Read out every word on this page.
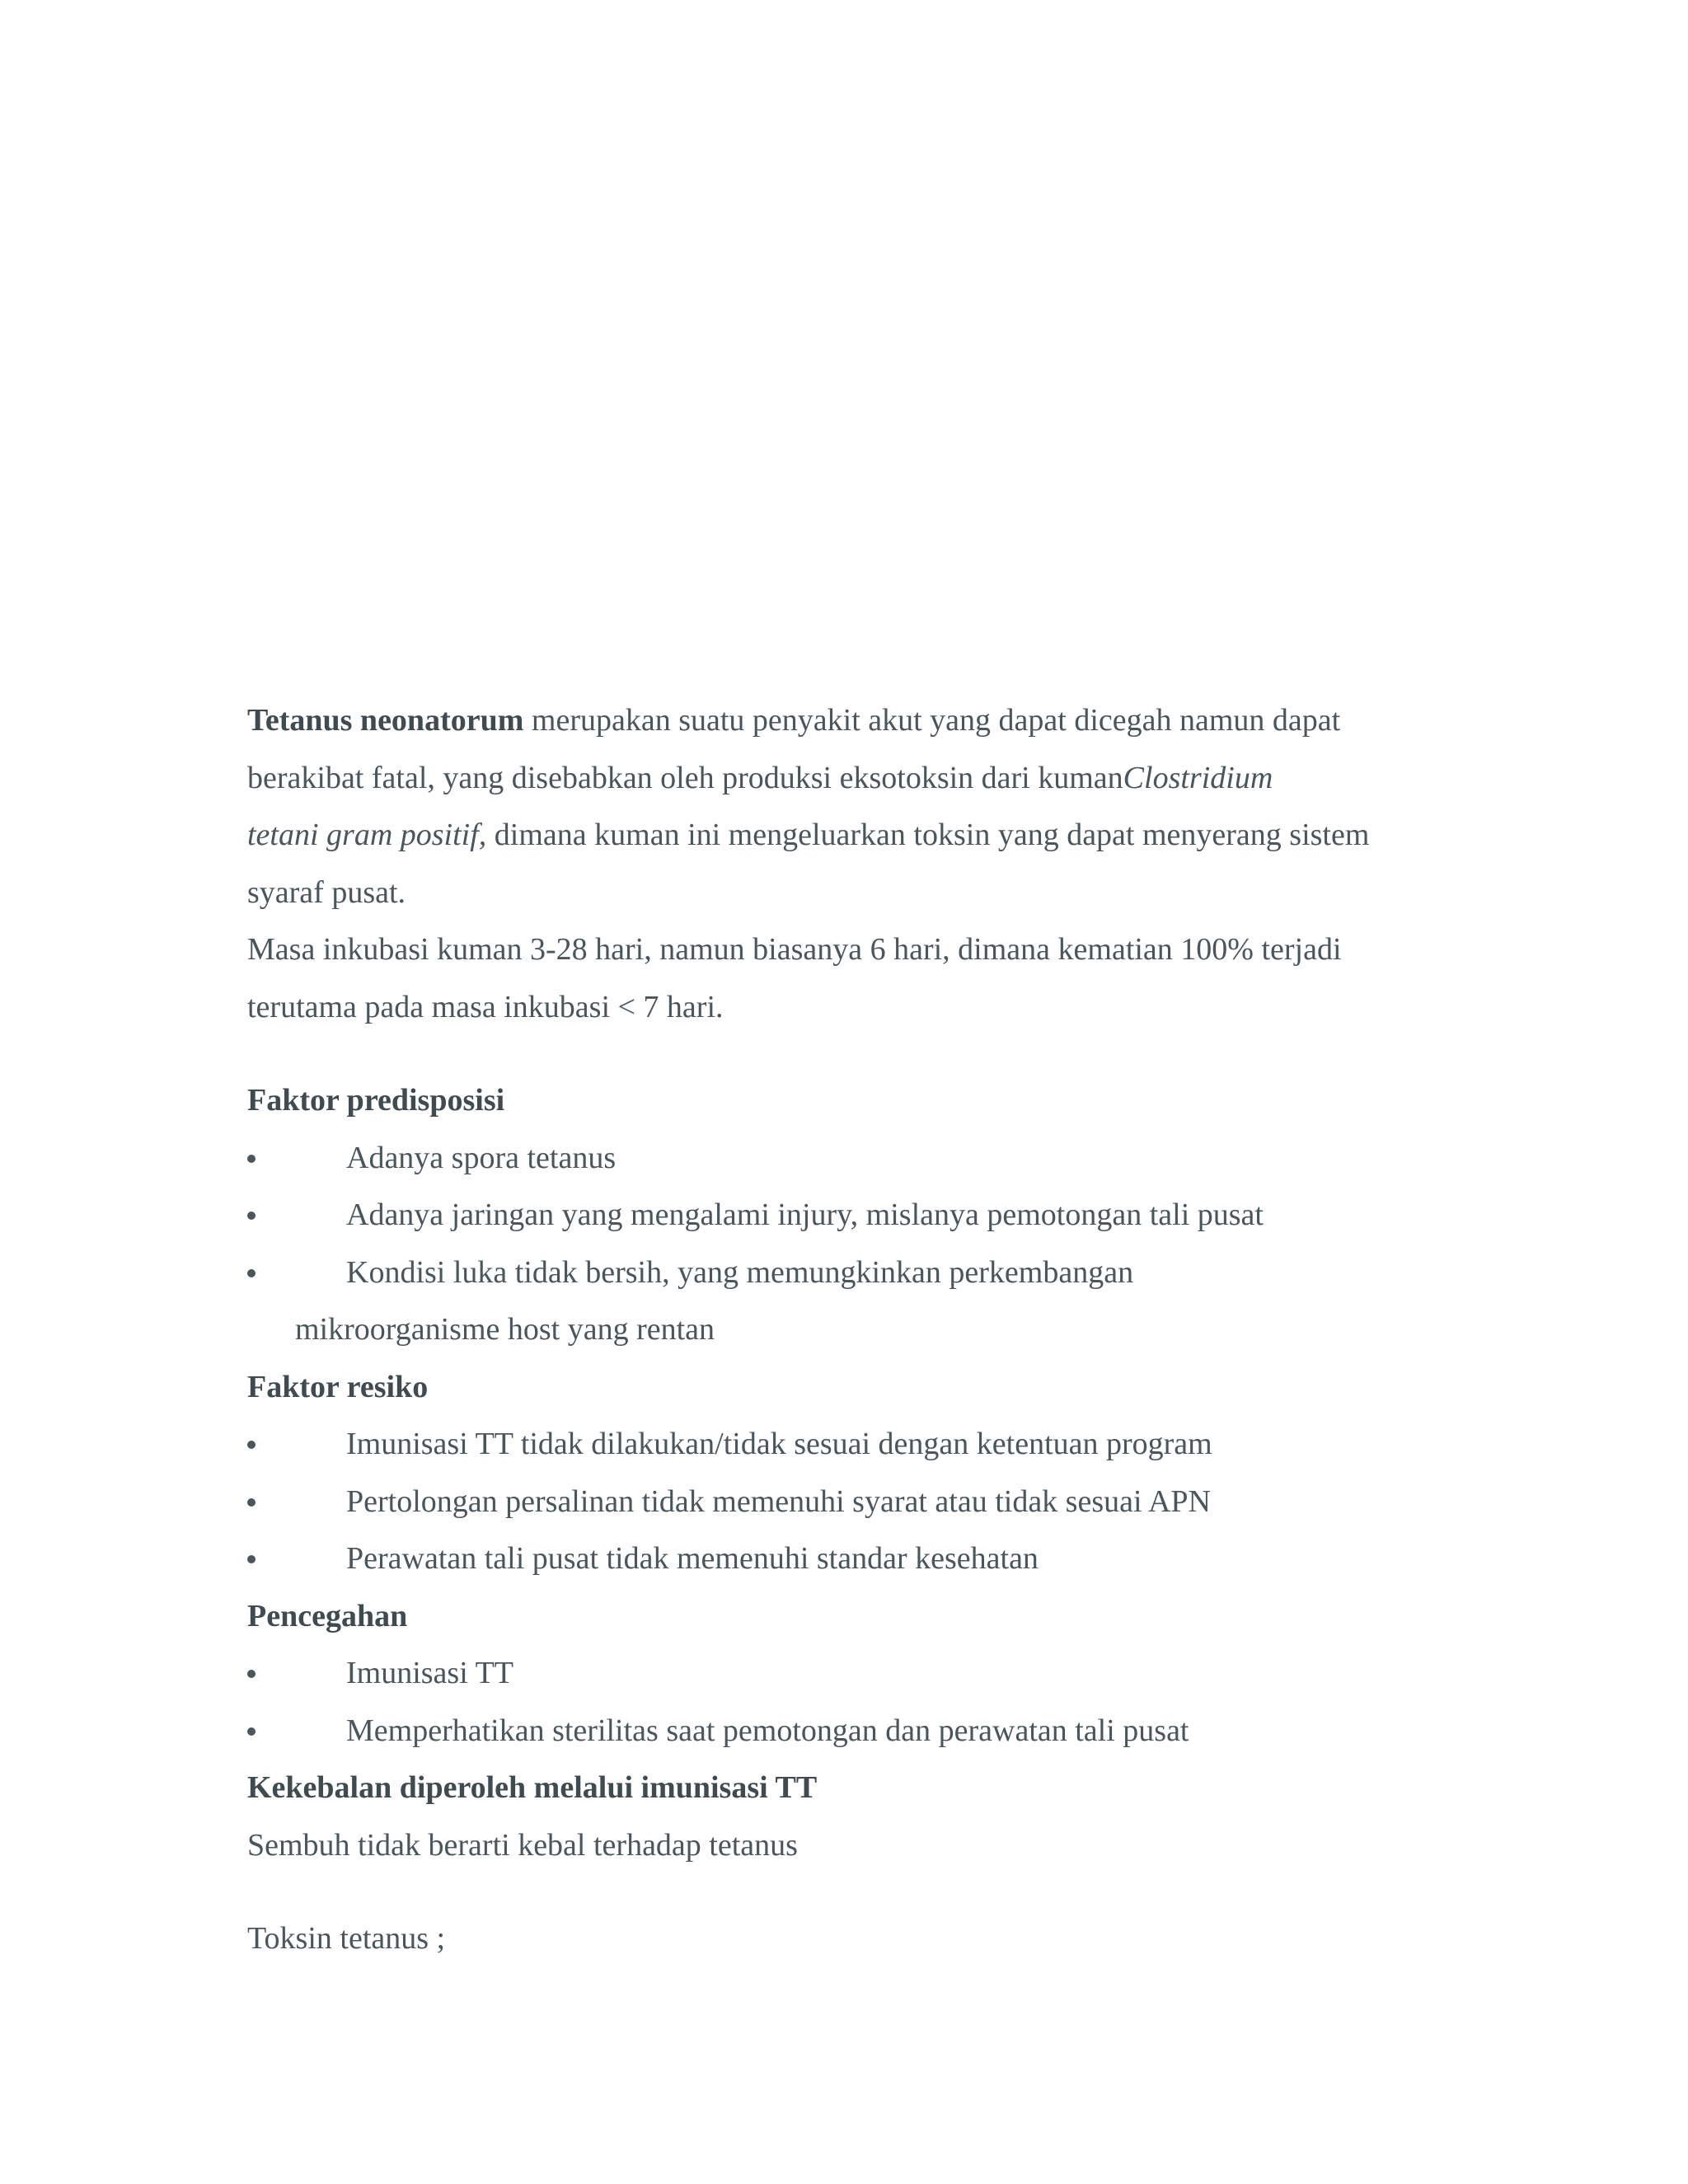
Tetanus neonatorum merupakan suatu penyakit akut yang dapat dicegah namun dapat

berakibat fatal, yang disebabkan oleh produksi eksotoksin dari kumanClostridium

tetani gram positif, dimana kuman ini mengeluarkan toksin yang dapat menyerang sistem

syaraf pusat.

Masa inkubasi kuman 3-28 hari, namun biasanya 6 hari, dimana kematian 100% terjadi

terutama pada masa inkubasi < 7 hari.

Faktor predisposisi

Adanya spora tetanus
Adanya jaringan yang mengalami injury, mislanya pemotongan tali pusat
Kondisi luka tidak bersih, yang memungkinkan perkembangan
mikroorganisme host yang rentan

Faktor resiko

Imunisasi TT tidak dilakukan/tidak sesuai dengan ketentuan program
Pertolongan persalinan tidak memenuhi syarat atau tidak sesuai APN
Perawatan tali pusat tidak memenuhi standar kesehatan

Pencegahan

Imunisasi TT
Memperhatikan sterilitas saat pemotongan dan perawatan tali pusat

Kekebalan diperoleh melalui imunisasi TT

Sembuh tidak berarti kebal terhadap tetanus

Toksin tetanus ;
